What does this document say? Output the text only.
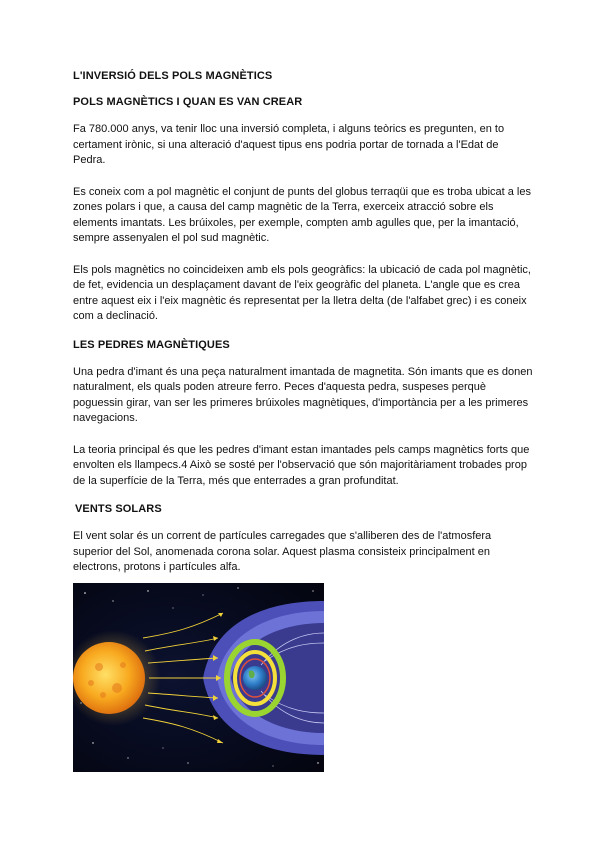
L'INVERSIÓ DELS POLS MAGNÈTICS
POLS MAGNÈTICS I QUAN ES VAN CREAR

Fa 780.000 anys, va tenir lloc una inversió completa, i alguns teòrics es pregunten, en to certament irònic, si una alteració d'aquest tipus ens podria portar de tornada a l'Edat de Pedra.

Es coneix com a pol magnètic el conjunt de punts del globus terraqüi que es troba ubicat a les zones polars i que, a causa del camp magnètic de la Terra, exerceix atracció sobre els elements imantats. Les brúixoles, per exemple, compten amb agulles que, per la imantació, sempre assenyalen el pol sud magnètic.

Els pols magnètics no coincideixen amb els pols geogràfics: la ubicació de cada pol magnètic, de fet, evidencia un desplaçament davant de l'eix geogràfic del planeta. L'angle que es crea entre aquest eix i l'eix magnètic és representat per la lletra delta (de l'alfabet grec) i es coneix com a declinació.

LES PEDRES MAGNÈTIQUES

Una pedra d'imant és una peça naturalment imantada de magnetita. Són imants que es donen naturalment, els quals poden atreure ferro. Peces d'aquesta pedra, suspeses perquè poguessin girar, van ser les primeres brúixoles magnètiques, d'importància per a les primeres navegacions.

La teoria principal és que les pedres d'imant estan imantades pels camps magnètics forts que envolten els llampecs.4 Això se sosté per l'observació que són majoritàriament trobades prop de la superfície de la Terra, més que enterrades a gran profunditat.

VENTS SOLARS

El vent solar és un corrent de partícules carregades que s'alliberen des de l'atmosfera superior del Sol, anomenada corona solar. Aquest plasma consisteix principalment en electrons, protons i partícules alfa.
